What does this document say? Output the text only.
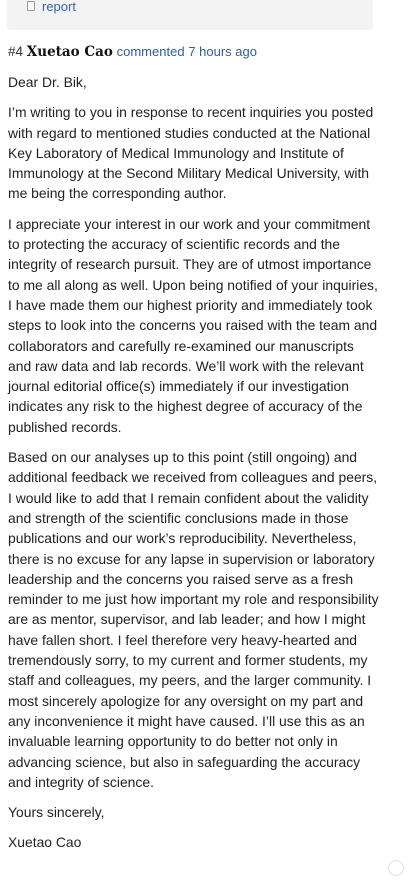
report
#4 Xuetao Cao commented 7 hours ago

Dear Dr. Bik,

I’m writing to you in response to recent inquiries you posted with regard to mentioned studies conducted at the National Key Laboratory of Medical Immunology and Institute of Immunology at the Second Military Medical University, with me being the corresponding author.

I appreciate your interest in our work and your commitment to protecting the accuracy of scientific records and the integrity of research pursuit. They are of utmost importance to me all along as well. Upon being notified of your inquiries, I have made them our highest priority and immediately took steps to look into the concerns you raised with the team and collaborators and carefully re-examined our manuscripts and raw data and lab records. We’ll work with the relevant journal editorial office(s) immediately if our investigation indicates any risk to the highest degree of accuracy of the published records.

Based on our analyses up to this point (still ongoing) and additional feedback we received from colleagues and peers, I would like to add that I remain confident about the validity and strength of the scientific conclusions made in those publications and our work’s reproducibility. Nevertheless, there is no excuse for any lapse in supervision or laboratory leadership and the concerns you raised serve as a fresh reminder to me just how important my role and responsibility are as mentor, supervisor, and lab leader; and how I might have fallen short. I feel therefore very heavy-hearted and tremendously sorry, to my current and former students, my staff and colleagues, my peers, and the larger community. I most sincerely apologize for any oversight on my part and any inconvenience it might have caused. I’ll use this as an invaluable learning opportunity to do better not only in advancing science, but also in safeguarding the accuracy and integrity of science.

Yours sincerely,

Xuetao Cao
